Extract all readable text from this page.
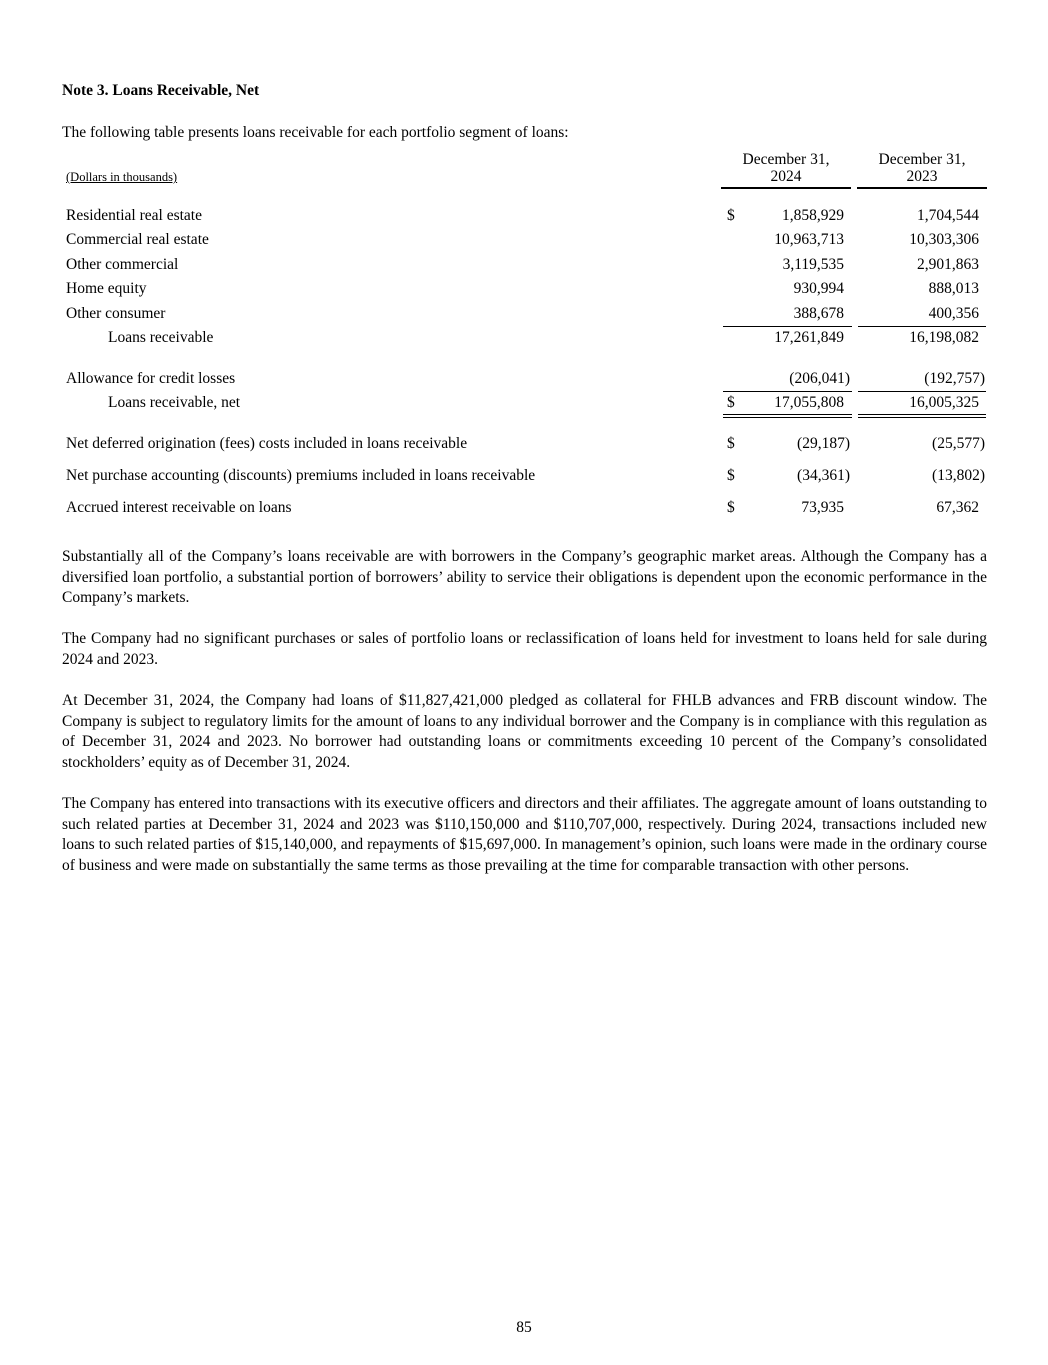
Note 3. Loans Receivable, Net
The following table presents loans receivable for each portfolio segment of loans:
(Dollars in thousands)
December 31,
2024
December 31,
2023
Residential real estate	$	1,858,929	1,704,544
Commercial real estate	10,963,713	10,303,306
Other commercial	3,119,535	2,901,863
Home equity	930,994	888,013
Other consumer	388,678	400,356
Loans receivable	17,261,849	16,198,082
Allowance for credit losses	(206,041)	(192,757)
Loans receivable, net	$	17,055,808	16,005,325
Net deferred origination (fees) costs included in loans receivable	$	(29,187)	(25,577)
Net purchase accounting (discounts) premiums included in loans receivable	$	(34,361)	(13,802)
Accrued interest receivable on loans	$	73,935	67,362

Substantially all of the Company’s loans receivable are with borrowers in the Company’s geographic market areas. Although the Company has a diversified loan portfolio, a substantial portion of borrowers’ ability to service their obligations is dependent upon the economic performance in the Company’s markets.

The Company had no significant purchases or sales of portfolio loans or reclassification of loans held for investment to loans held for sale during 2024 and 2023.

At December 31, 2024, the Company had loans of $11,827,421,000 pledged as collateral for FHLB advances and FRB discount window. The Company is subject to regulatory limits for the amount of loans to any individual borrower and the Company is in compliance with this regulation as of December 31, 2024 and 2023. No borrower had outstanding loans or commitments exceeding 10 percent of the Company’s consolidated stockholders’ equity as of December 31, 2024.

The Company has entered into transactions with its executive officers and directors and their affiliates. The aggregate amount of loans outstanding to such related parties at December 31, 2024 and 2023 was $110,150,000 and $110,707,000, respectively. During 2024, transactions included new loans to such related parties of $15,140,000, and repayments of $15,697,000. In management’s opinion, such loans were made in the ordinary course of business and were made on substantially the same terms as those prevailing at the time for comparable transaction with other persons.

85
